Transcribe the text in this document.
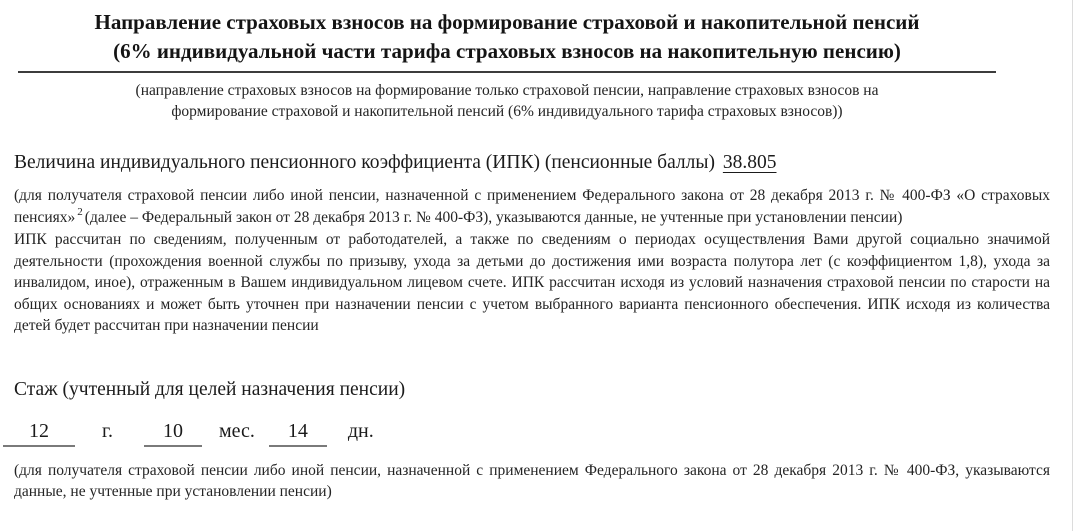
Направление страховых взносов на формирование страховой и накопительной пенсий
(6% индивидуальной части тарифа страховых взносов на накопительную пенсию)
(направление страховых взносов на формирование только страховой пенсии, направление страховых взносов на формирование страховой и накопительной пенсий (6% индивидуального тарифа страховых взносов))
Величина индивидуального пенсионного коэффициента (ИПК) (пенсионные баллы) 38.805

(для получателя страховой пенсии либо иной пенсии, назначенной с применением Федерального закона от 28 декабря 2013 г. № 400-ФЗ «О страховых пенсиях» $^2$ (далее – Федеральный закон от 28 декабря 2013 г. № 400-ФЗ), указываются данные, не учтенные при установлении пенсии)

ИПК рассчитан по сведениям, полученным от работодателей, а также по сведениям о периодах осуществления Вами другой социально значимой деятельности (прохождения военной службы по призыву, ухода за детьми до достижения ими возраста полутора лет (с коэффициентом 1,8), ухода за инвалидом, иное), отраженным в Вашем индивидуальном лицевом счете. ИПК рассчитан исходя из условий назначения страховой пенсии по старости на общих основаниях и может быть уточнен при назначении пенсии с учетом выбранного варианта пенсионного обеспечения. ИПК исходя из количества детей будет рассчитан при назначении пенсии

Стаж (учтенный для целей назначения пенсии)
12	г.	10 мес. 14 дн.

(для получателя страховой пенсии либо иной пенсии, назначенной с применением Федерального закона от 28 декабря 2013 г. № 400-ФЗ, указываются данные, не учтенные при установлении пенсии)
